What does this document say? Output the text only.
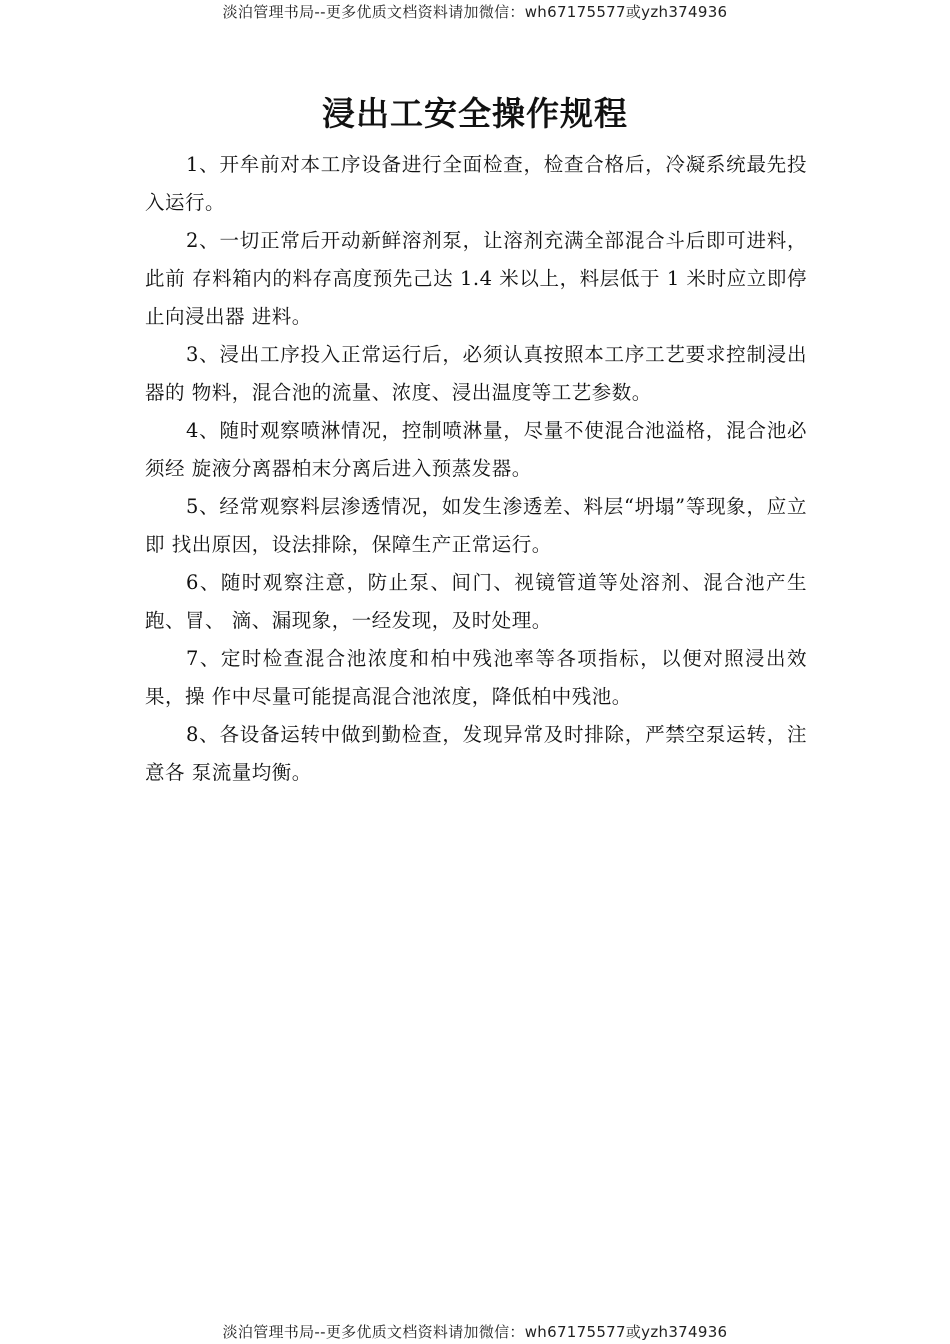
淡泊管理书局--更多优质文档资料请加微信：wh67175577或yzh374936
浸出工安全操作规程

1、开牟前对本工序设备进行全面检查，检查合格后，冷凝系统最先投入运行。

2、一切正常后开动新鲜溶剂泵，让溶剂充满全部混合斗后即可进料，此前 存料箱内的料存高度预先己达 1.4 米以上，料层低于 1 米时应立即停止向浸出器 进料。

3、浸出工序投入正常运行后，必须认真按照本工序工艺要求控制浸出器的 物料，混合池的流量、浓度、浸出温度等工艺参数。

4、随时观察喷淋情况，控制喷淋量，尽量不使混合池溢格，混合池必须经 旋液分离器柏末分离后进入预蒸发器。

5、经常观察料层渗透情况，如发生渗透差、料层“坍塌”等现象，应立即 找出原因，设法排除，保障生产正常运行。

6、随时观察注意，防止泵、间门、视镜管道等处溶剂、混合池产生跑、冒、 滴、漏现象，一经发现，及时处理。

7、定时检查混合池浓度和柏中残池率等各项指标，以便对照浸出效果，操 作中尽量可能提高混合池浓度，降低柏中残池。

8、各设备运转中做到勤检查，发现异常及时排除，严禁空泵运转，注意各 泵流量均衡。

淡泊管理书局--更多优质文档资料请加微信：wh67175577或yzh374936
